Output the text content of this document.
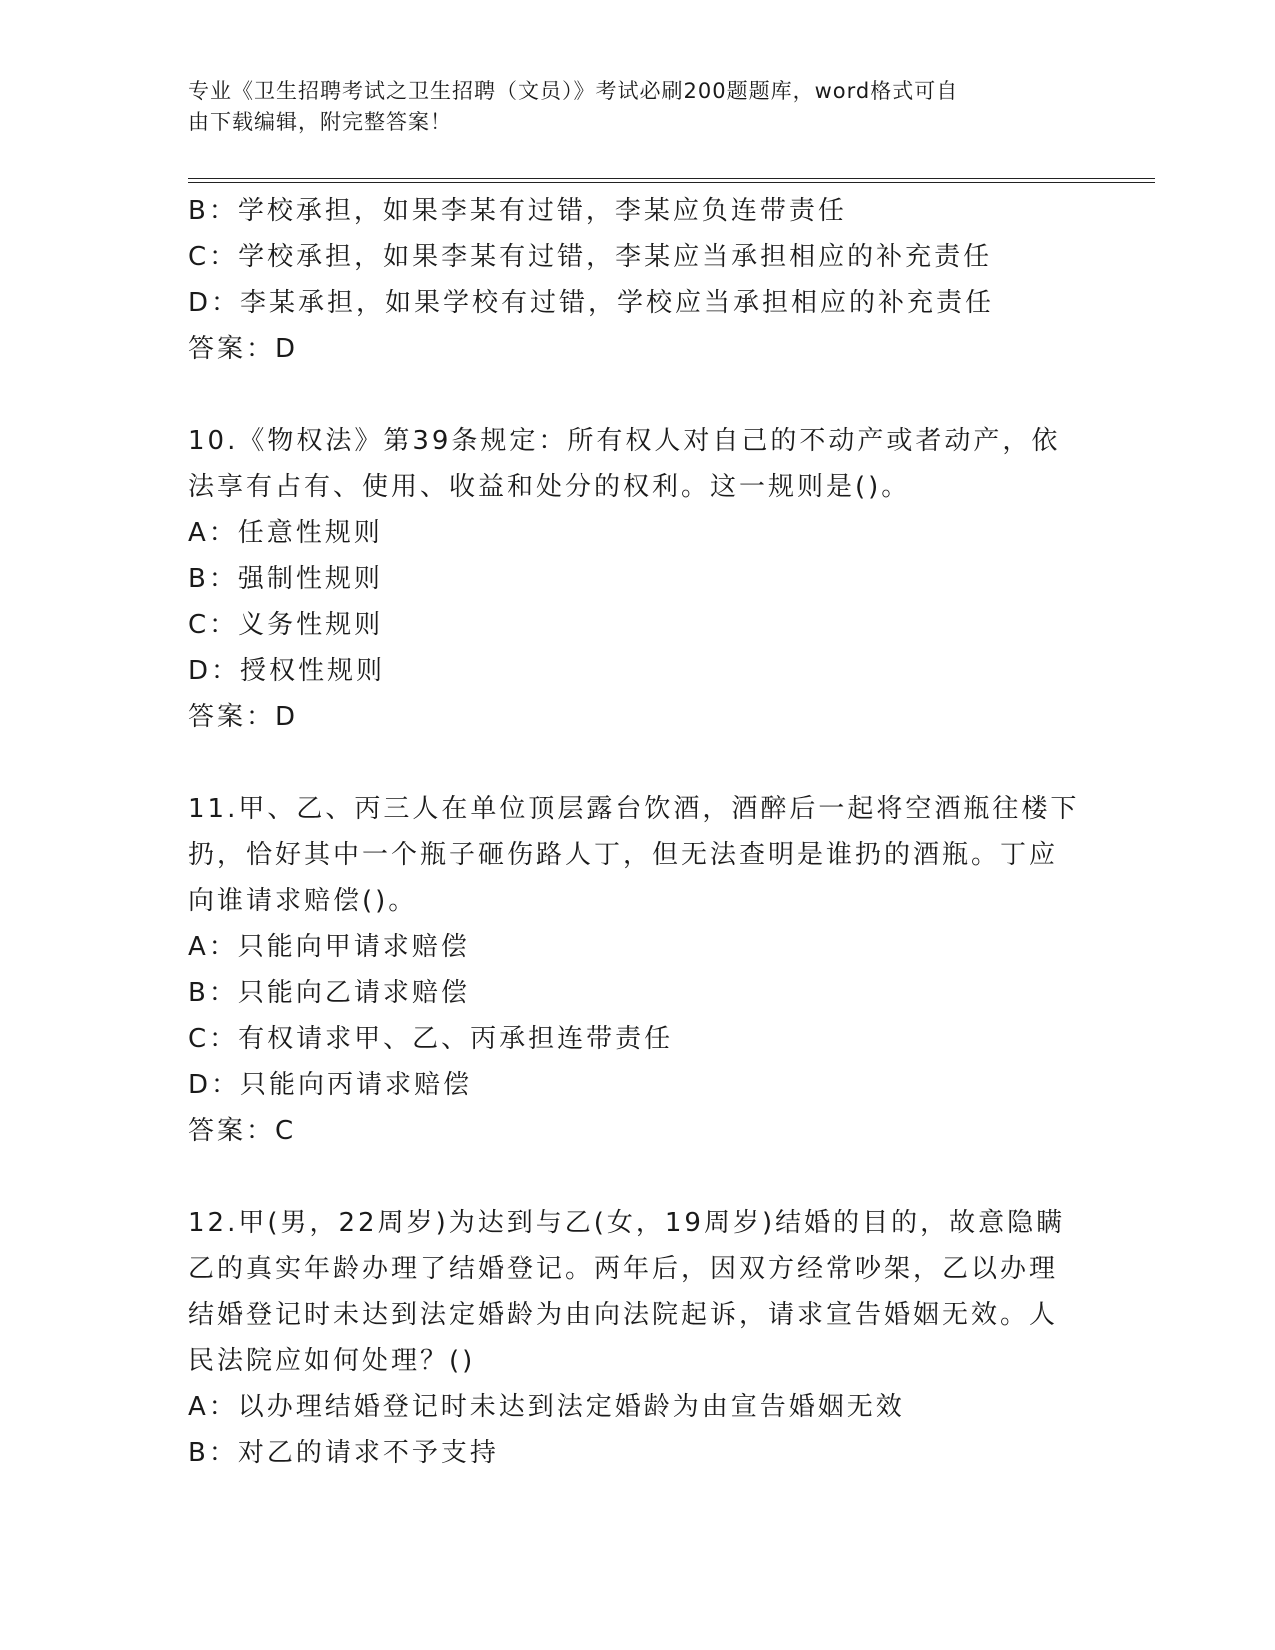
专业《卫生招聘考试之卫生招聘（文员）》考试必刷200题题库，word格式可自
由下载编辑，附完整答案！
B：学校承担，如果李某有过错，李某应负连带责任
C：学校承担，如果李某有过错，李某应当承担相应的补充责任
D：李某承担，如果学校有过错，学校应当承担相应的补充责任
答案：D
10.《物权法》第39条规定：所有权人对自己的不动产或者动产，依
法享有占有、使用、收益和处分的权利。这一规则是()。
A：任意性规则
B：强制性规则
C：义务性规则
D：授权性规则
答案：D
11.甲、乙、丙三人在单位顶层露台饮酒，酒醉后一起将空酒瓶往楼下
扔，恰好其中一个瓶子砸伤路人丁，但无法查明是谁扔的酒瓶。丁应
向谁请求赔偿()。
A：只能向甲请求赔偿
B：只能向乙请求赔偿
C：有权请求甲、乙、丙承担连带责任
D：只能向丙请求赔偿
答案：C
12.甲(男，22周岁)为达到与乙(女，19周岁)结婚的目的，故意隐瞒
乙的真实年龄办理了结婚登记。两年后，因双方经常吵架，乙以办理
结婚登记时未达到法定婚龄为由向法院起诉，请求宣告婚姻无效。人
民法院应如何处理？()
A：以办理结婚登记时未达到法定婚龄为由宣告婚姻无效
B：对乙的请求不予支持
